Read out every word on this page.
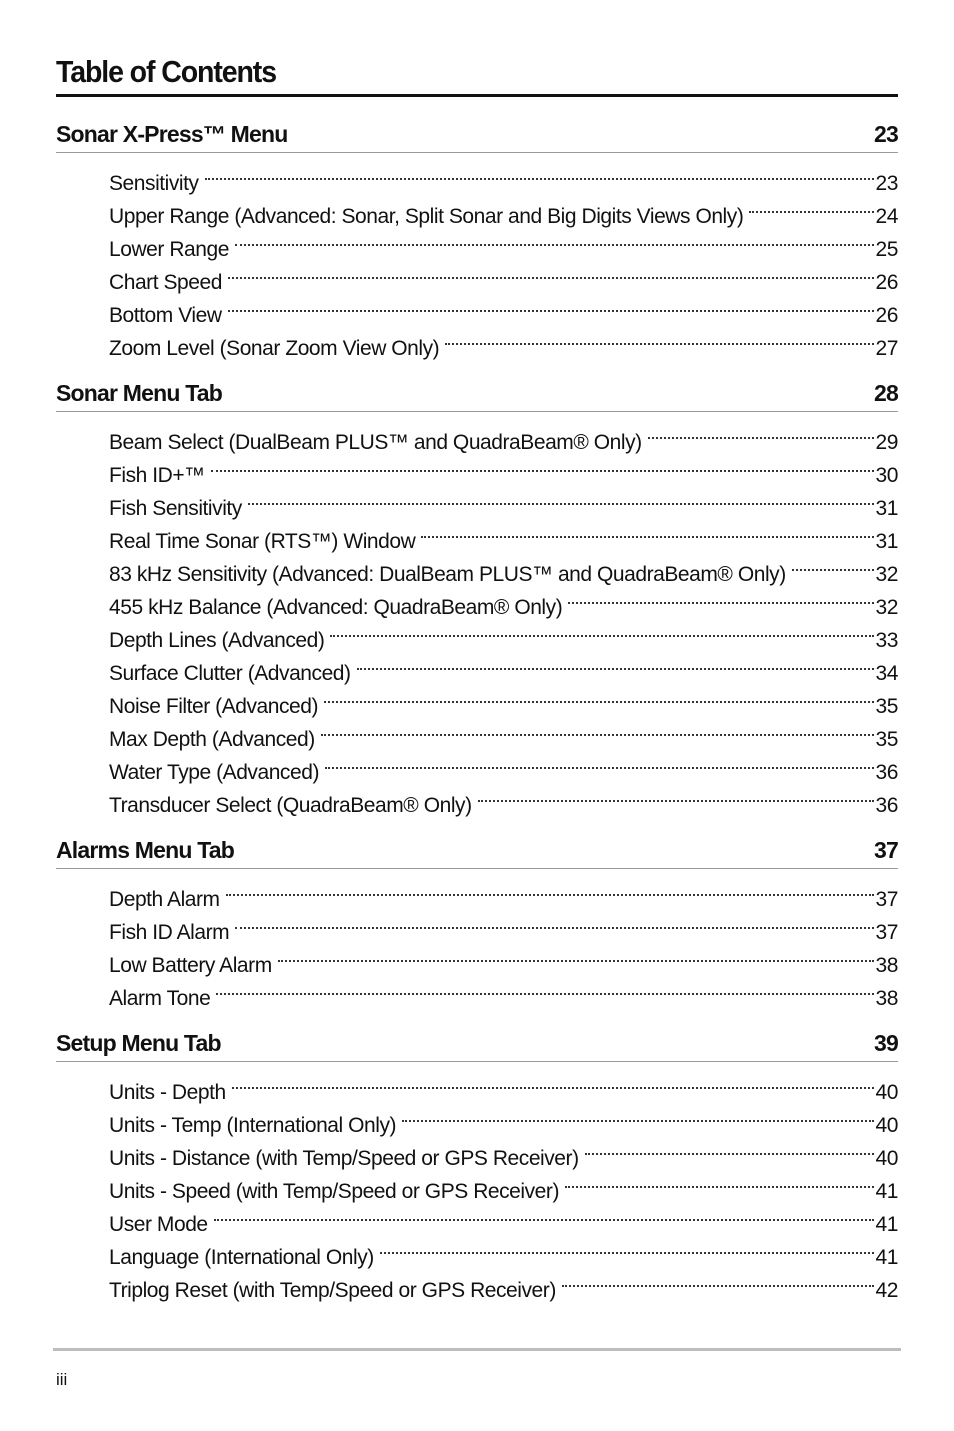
Table of Contents
Sonar X-Press™ Menu	23
Sensitivity	23
Upper Range (Advanced: Sonar, Split Sonar and Big Digits Views Only)	24
Lower Range	25
Chart Speed	26
Bottom View	26
Zoom Level (Sonar Zoom View Only)	27
Sonar Menu Tab	28
Beam Select (DualBeam PLUS™ and QuadraBeam® Only)	29
Fish ID+™	30
Fish Sensitivity	31
Real Time Sonar (RTS™) Window	31
83 kHz Sensitivity (Advanced: DualBeam PLUS™ and QuadraBeam® Only)	32
455 kHz Balance (Advanced: QuadraBeam® Only)	32
Depth Lines (Advanced)	33
Surface Clutter (Advanced)	34
Noise Filter (Advanced)	35
Max Depth (Advanced)	35
Water Type (Advanced)	36
Transducer Select (QuadraBeam® Only)	36
Alarms Menu Tab	37
Depth Alarm	37
Fish ID Alarm	37
Low Battery Alarm	38
Alarm Tone	38
Setup Menu Tab	39
Units - Depth	40
Units - Temp (International Only)	40
Units - Distance (with Temp/Speed or GPS Receiver)	40
Units - Speed (with Temp/Speed or GPS Receiver)	41
User Mode	41
Language (International Only)	41
Triplog Reset (with Temp/Speed or GPS Receiver)	42
iii
